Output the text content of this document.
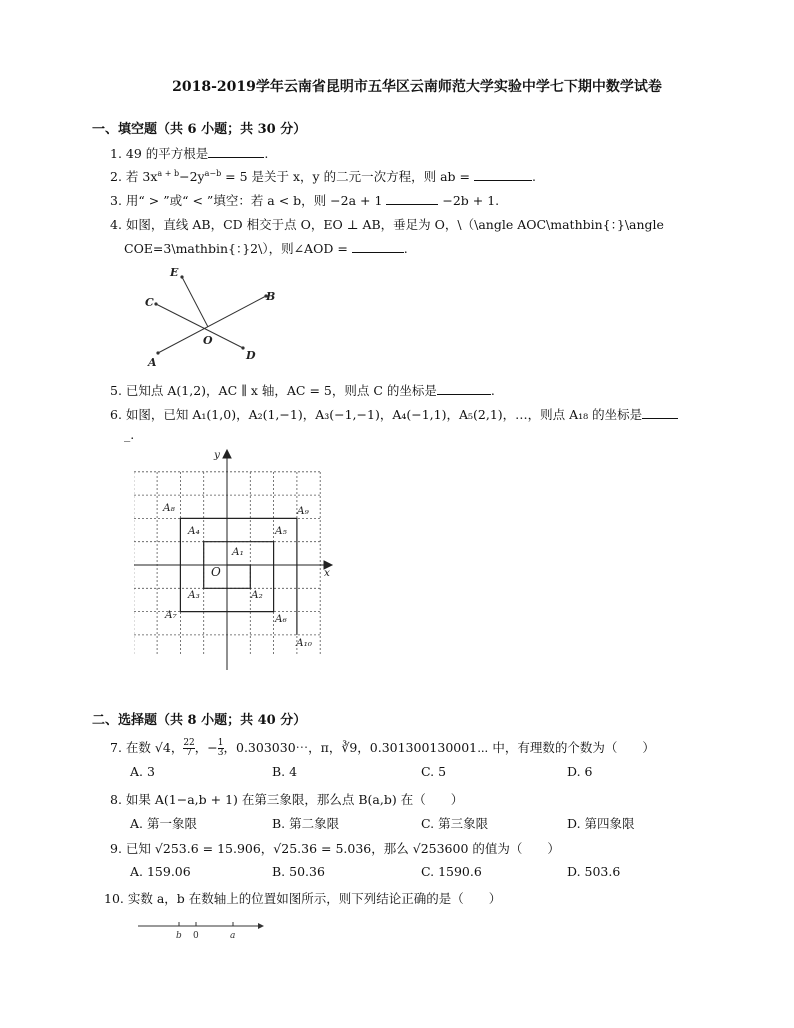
2018-2019学年云南省昆明市五华区云南师范大学实验中学七下期中数学试卷
一、填空题（共 6 小题；共 30 分）
1. 49 的平方根是	.
2. 若 $3x^{a + b}-2y^{a-b} = 5$ 是关于 x，y 的二元一次方程，则 ab =	.
3. 用“ > ”或“ < ”填空：若 a < b，则 −2a + 1	−2b + 1.
4. 如图，直线 AB，CD 相交于点 O，EO ⊥ AB，垂足为 O，\（\angle AOC\mathbin{：}\angle
COE=3\mathbin{：}2\），则∠AOD =	.
E
C	B
O
A
D
5. 已知点 A(1,2)，AC ∥ x 轴，AC = 5，则点 C 的坐标是	.
6. 如图，已知 A₁(1,0)，A₂(1,−1)，A₃(−1,−1)，A₄(−1,1)，A₅(2,1)，…，则点 A₁₈ 的坐标是
_.
y
x
O
A₁
A₂
A₃
A₄	A₅
A₆
A₇
A₈	A₉
A₁₀
二、选择题（共 8 小题；共 40 分）
7. 在数 √4， $\frac{22}{7}$ ，− $\frac{1}{3}$ ，0.303030⋯，π，∛9，0.301300130001⋯ 中，有理数的个数为（　　）
A. 3	B. 4	C. 5	D. 6
8. 如果 A(1−a,b + 1) 在第三象限，那么点 B(a,b) 在（　　）
A. 第一象限	B. 第二象限	C. 第三象限	D. 第四象限
9. 已知 √253.6 = 15.906，√25.36 = 5.036，那么 √253600 的值为（　　）
A. 159.06	B. 50.36	C. 1590.6	D. 503.6
10. 实数 a，b 在数轴上的位置如图所示，则下列结论正确的是（　　）
b 0	a
